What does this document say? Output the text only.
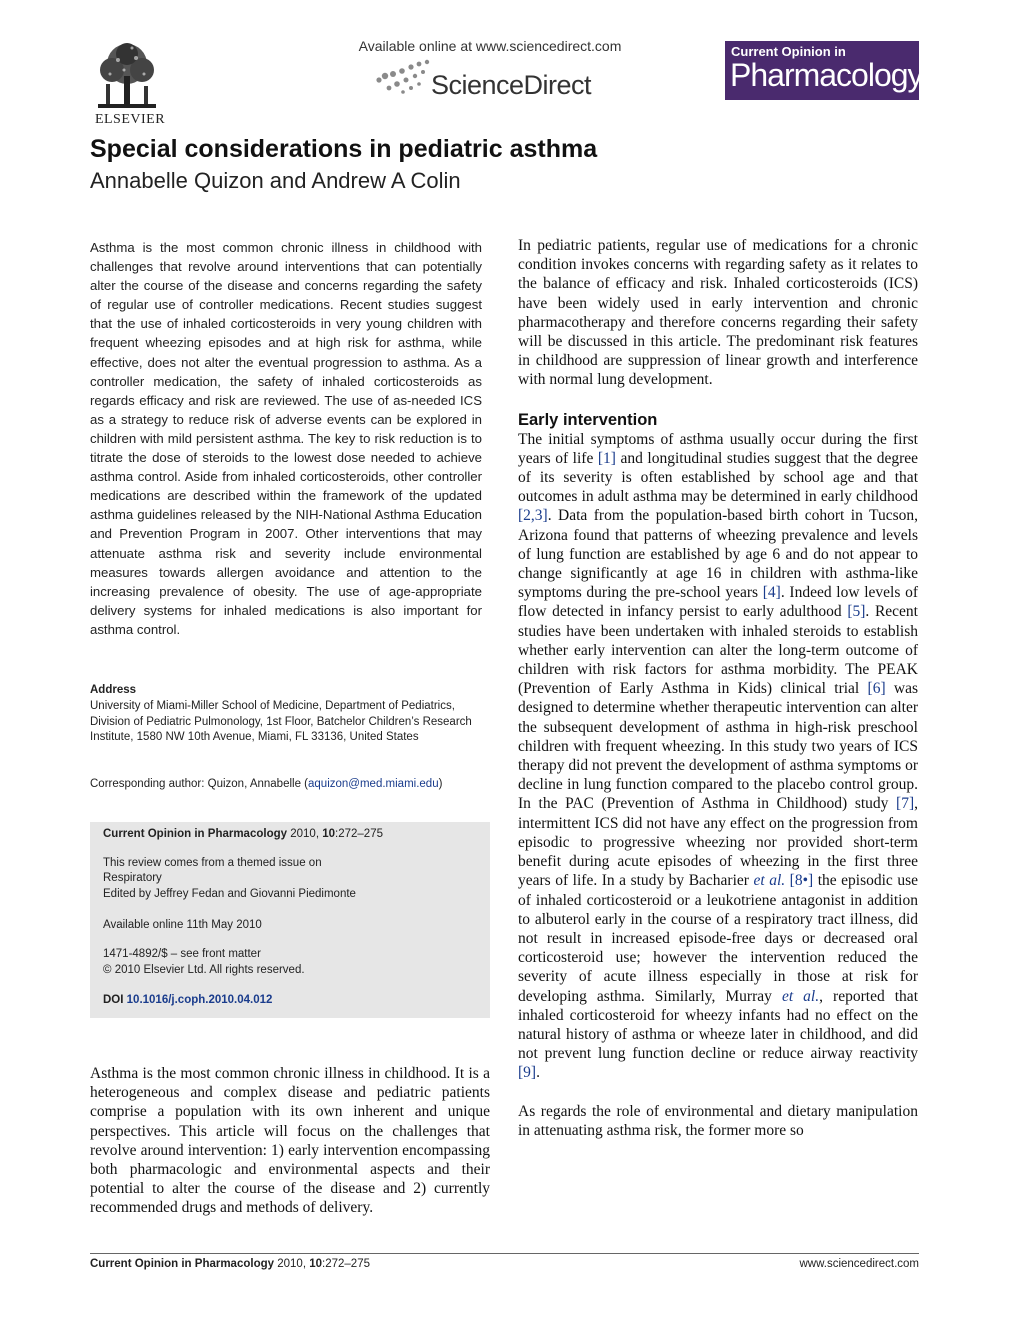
ELSEVIER
Available online at www.sciencedirect.com
ScienceDirect
Current Opinion in
Pharmacology
Special considerations in pediatric asthma
Annabelle Quizon and Andrew A Colin
Asthma is the most common chronic illness in childhood with challenges that revolve around interventions that can potentially alter the course of the disease and concerns regarding the safety of regular use of controller medications. Recent studies suggest that the use of inhaled corticosteroids in very young children with frequent wheezing episodes and at high risk for asthma, while effective, does not alter the eventual progression to asthma. As a controller medication, the safety of inhaled corticosteroids as regards efficacy and risk are reviewed. The use of as-needed ICS as a strategy to reduce risk of adverse events can be explored in children with mild persistent asthma. The key to risk reduction is to titrate the dose of steroids to the lowest dose needed to achieve asthma control. Aside from inhaled corticosteroids, other controller medications are described within the framework of the updated asthma guidelines released by the NIH-National Asthma Education and Prevention Program in 2007. Other interventions that may attenuate asthma risk and severity include environmental measures towards allergen avoidance and attention to the increasing prevalence of obesity. The use of age-appropriate delivery systems for inhaled medications is also important for asthma control.
Address
University of Miami-Miller School of Medicine, Department of Pediatrics, Division of Pediatric Pulmonology, 1st Floor, Batchelor Children’s Research Institute, 1580 NW 10th Avenue, Miami, FL 33136, United States
Corresponding author: Quizon, Annabelle (aquizon@med.miami.edu)
Current Opinion in Pharmacology 2010, 10:272–275
This review comes from a themed issue on
Respiratory
Edited by Jeffrey Fedan and Giovanni Piedimonte
Available online 11th May 2010
1471-4892/$ – see front matter
© 2010 Elsevier Ltd. All rights reserved.
DOI 10.1016/j.coph.2010.04.012
Asthma is the most common chronic illness in childhood. It is a heterogeneous and complex disease and pediatric patients comprise a population with its own inherent and unique perspectives. This article will focus on the challenges that revolve around intervention: 1) early intervention encompassing both pharmacologic and environmental aspects and their potential to alter the course of the disease and 2) currently recommended drugs and methods of delivery.

In pediatric patients, regular use of medications for a chronic condition invokes concerns with regarding safety as it relates to the balance of efficacy and risk. Inhaled corticosteroids (ICS) have been widely used in early intervention and chronic pharmacotherapy and therefore concerns regarding their safety will be discussed in this article. The predominant risk features in childhood are suppression of linear growth and interference with normal lung development.

Early intervention

The initial symptoms of asthma usually occur during the first years of life [1] and longitudinal studies suggest that the degree of its severity is often established by school age and that outcomes in adult asthma may be determined in early childhood [2,3]. Data from the population-based birth cohort in Tucson, Arizona found that patterns of wheezing prevalence and levels of lung function are established by age 6 and do not appear to change significantly at age 16 in children with asthma-like symptoms during the pre-school years [4]. Indeed low levels of flow detected in infancy persist to early adulthood [5]. Recent studies have been undertaken with inhaled steroids to establish whether early intervention can alter the long-term outcome of children with risk factors for asthma morbidity. The PEAK (Prevention of Early Asthma in Kids) clinical trial [6] was designed to determine whether therapeutic intervention can alter the subsequent development of asthma in high-risk preschool children with frequent wheezing. In this study two years of ICS therapy did not prevent the development of asthma symptoms or decline in lung function compared to the placebo control group. In the PAC (Prevention of Asthma in Childhood) study [7], intermittent ICS did not have any effect on the progression from episodic to progressive wheezing nor provided short-term benefit during acute episodes of wheezing in the first three years of life. In a study by Bacharier et al. [8•] the episodic use of inhaled corticosteroid or a leukotriene antagonist in addition to albuterol early in the course of a respiratory tract illness, did not result in increased episode-free days or decreased oral corticosteroid use; however the intervention reduced the severity of acute illness especially in those at risk for developing asthma. Similarly, Murray et al., reported that inhaled corticosteroid for wheezy infants had no effect on the natural history of asthma or wheeze later in childhood, and did not prevent lung function decline or reduce airway reactivity [9].

As regards the role of environmental and dietary manipulation in attenuating asthma risk, the former more so

Current Opinion in Pharmacology 2010, 10:272–275	www.sciencedirect.com
